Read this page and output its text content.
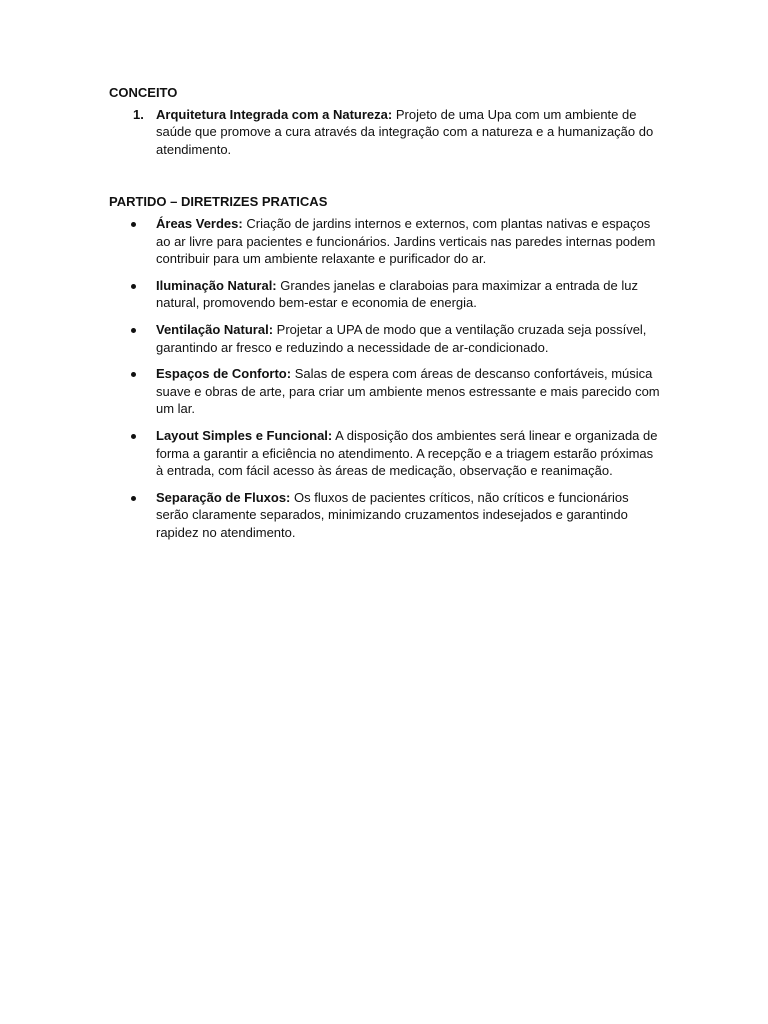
CONCEITO

1. Arquitetura Integrada com a Natureza: Projeto de uma Upa com um ambiente de saúde que promove a cura através da integração com a natureza e a humanização do atendimento.

PARTIDO – DIRETRIZES PRATICAS

Áreas Verdes: Criação de jardins internos e externos, com plantas nativas e espaços ao ar livre para pacientes e funcionários. Jardins verticais nas paredes internas podem contribuir para um ambiente relaxante e purificador do ar.
Iluminação Natural: Grandes janelas e claraboias para maximizar a entrada de luz natural, promovendo bem-estar e economia de energia.
Ventilação Natural: Projetar a UPA de modo que a ventilação cruzada seja possível, garantindo ar fresco e reduzindo a necessidade de ar-condicionado.
Espaços de Conforto: Salas de espera com áreas de descanso confortáveis, música suave e obras de arte, para criar um ambiente menos estressante e mais parecido com um lar.
Layout Simples e Funcional: A disposição dos ambientes será linear e organizada de forma a garantir a eficiência no atendimento. A recepção e a triagem estarão próximas à entrada, com fácil acesso às áreas de medicação, observação e reanimação.
Separação de Fluxos: Os fluxos de pacientes críticos, não críticos e funcionários serão claramente separados, minimizando cruzamentos indesejados e garantindo rapidez no atendimento.
